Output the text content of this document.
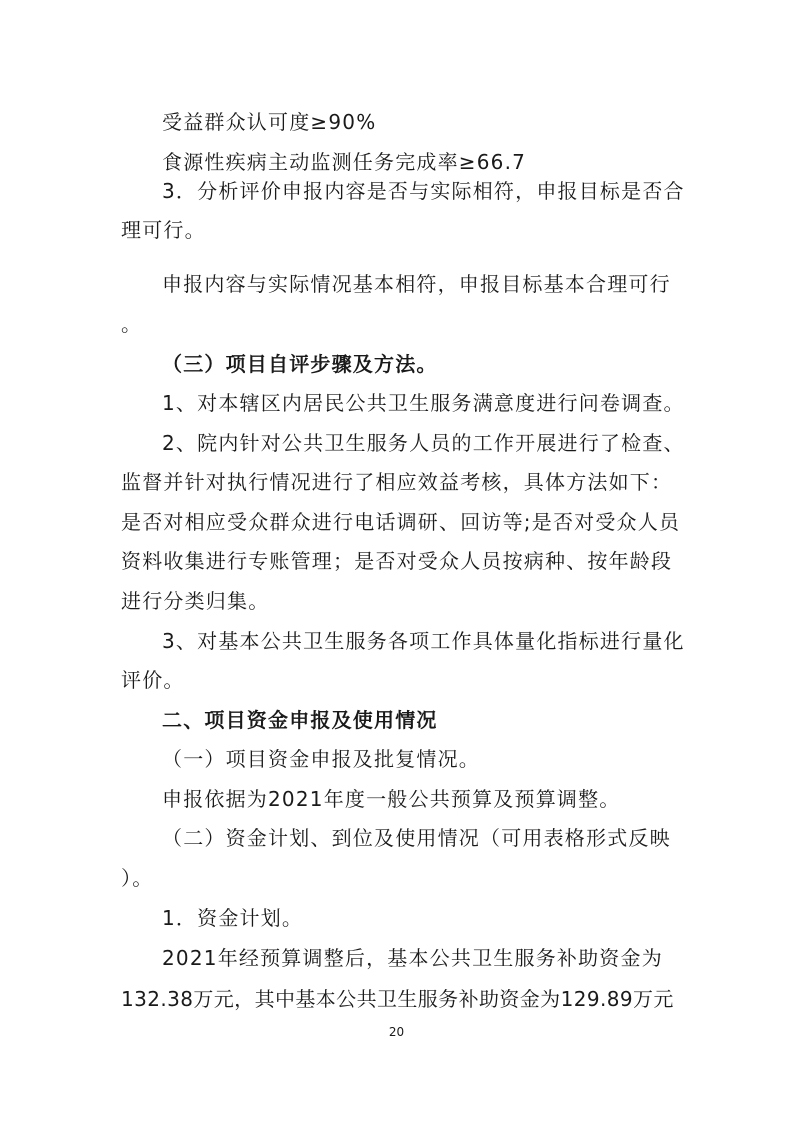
受益群众认可度≥90%
食源性疾病主动监测任务完成率≥66.7
3．分析评价申报内容是否与实际相符，申报目标是否合
理可行。
申报内容与实际情况基本相符，申报目标基本合理可行
。
（三）项目自评步骤及方法。
1、对本辖区内居民公共卫生服务满意度进行问卷调查。
2、院内针对公共卫生服务人员的工作开展进行了检查、
监督并针对执行情况进行了相应效益考核，具体方法如下：
是否对相应受众群众进行电话调研、回访等;是否对受众人员
资料收集进行专账管理；是否对受众人员按病种、按年龄段
进行分类归集。
3、对基本公共卫生服务各项工作具体量化指标进行量化
评价。
二、项目资金申报及使用情况
（一）项目资金申报及批复情况。
申报依据为2021年度一般公共预算及预算调整。
（二）资金计划、到位及使用情况（可用表格形式反映
）。
1．资金计划。
2021年经预算调整后，基本公共卫生服务补助资金为
132.38万元，其中基本公共卫生服务补助资金为129.89万元
20
